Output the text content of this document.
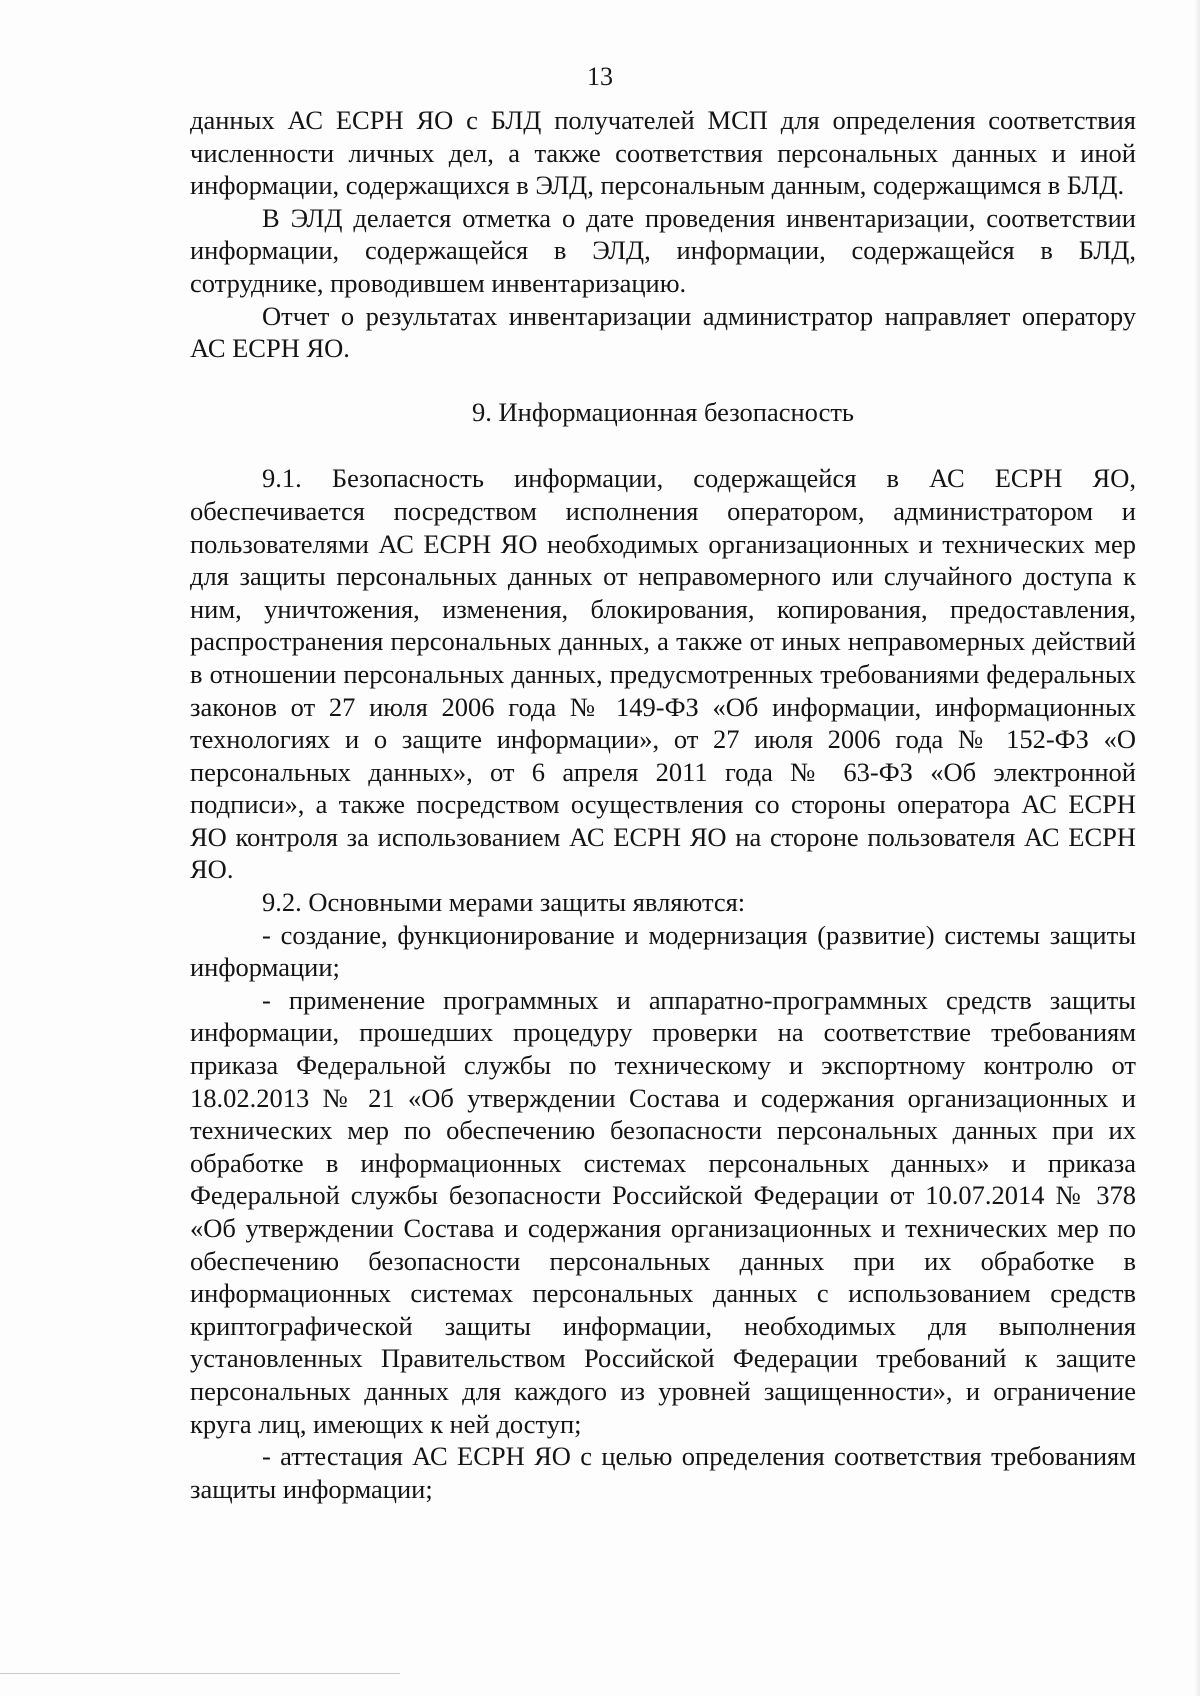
13

данных АС ЕСРН ЯО с БЛД получателей МСП для определения соответствия численности личных дел, а также соответствия персональных данных и иной информации, содержащихся в ЭЛД, персональным данным, содержащимся в БЛД.

В ЭЛД делается отметка о дате проведения инвентаризации, соответствии информации, содержащейся в ЭЛД, информации, содержащейся в БЛД, сотруднике, проводившем инвентаризацию.

Отчет о результатах инвентаризации администратор направляет оператору АС ЕСРН ЯО.

9. Информационная безопасность

9.1. Безопасность информации, содержащейся в АС ЕСРН ЯО, обеспечивается посредством исполнения оператором, администратором и пользователями АС ЕСРН ЯО необходимых организационных и технических мер для защиты персональных данных от неправомерного или случайного доступа к ним, уничтожения, изменения, блокирования, копирования, предоставления, распространения персональных данных, а также от иных неправомерных действий в отношении персональных данных, предусмотренных требованиями федеральных законов от 27 июля 2006 года № 149-ФЗ «Об информации, информационных технологиях и о защите информации», от 27 июля 2006 года № 152-ФЗ «О персональных данных», от 6 апреля 2011 года № 63-ФЗ «Об электронной подписи», а также посредством осуществления со стороны оператора АС ЕСРН ЯО контроля за использованием АС ЕСРН ЯО на стороне пользователя АС ЕСРН ЯО.

9.2. Основными мерами защиты являются:

- создание, функционирование и модернизация (развитие) системы защиты информации;

- применение программных и аппаратно-программных средств защиты информации, прошедших процедуру проверки на соответствие требованиям приказа Федеральной службы по техническому и экспортному контролю от 18.02.2013 № 21 «Об утверждении Состава и содержания организационных и технических мер по обеспечению безопасности персональных данных при их обработке в информационных системах персональных данных» и приказа Федеральной службы безопасности Российской Федерации от 10.07.2014 № 378 «Об утверждении Состава и содержания организационных и технических мер по обеспечению безопасности персональных данных при их обработке в информационных системах персональных данных с использованием средств криптографической защиты информации, необходимых для выполнения установленных Правительством Российской Федерации требований к защите персональных данных для каждого из уровней защищенности», и ограничение круга лиц, имеющих к ней доступ;

- аттестация АС ЕСРН ЯО с целью определения соответствия требованиям защиты информации;
